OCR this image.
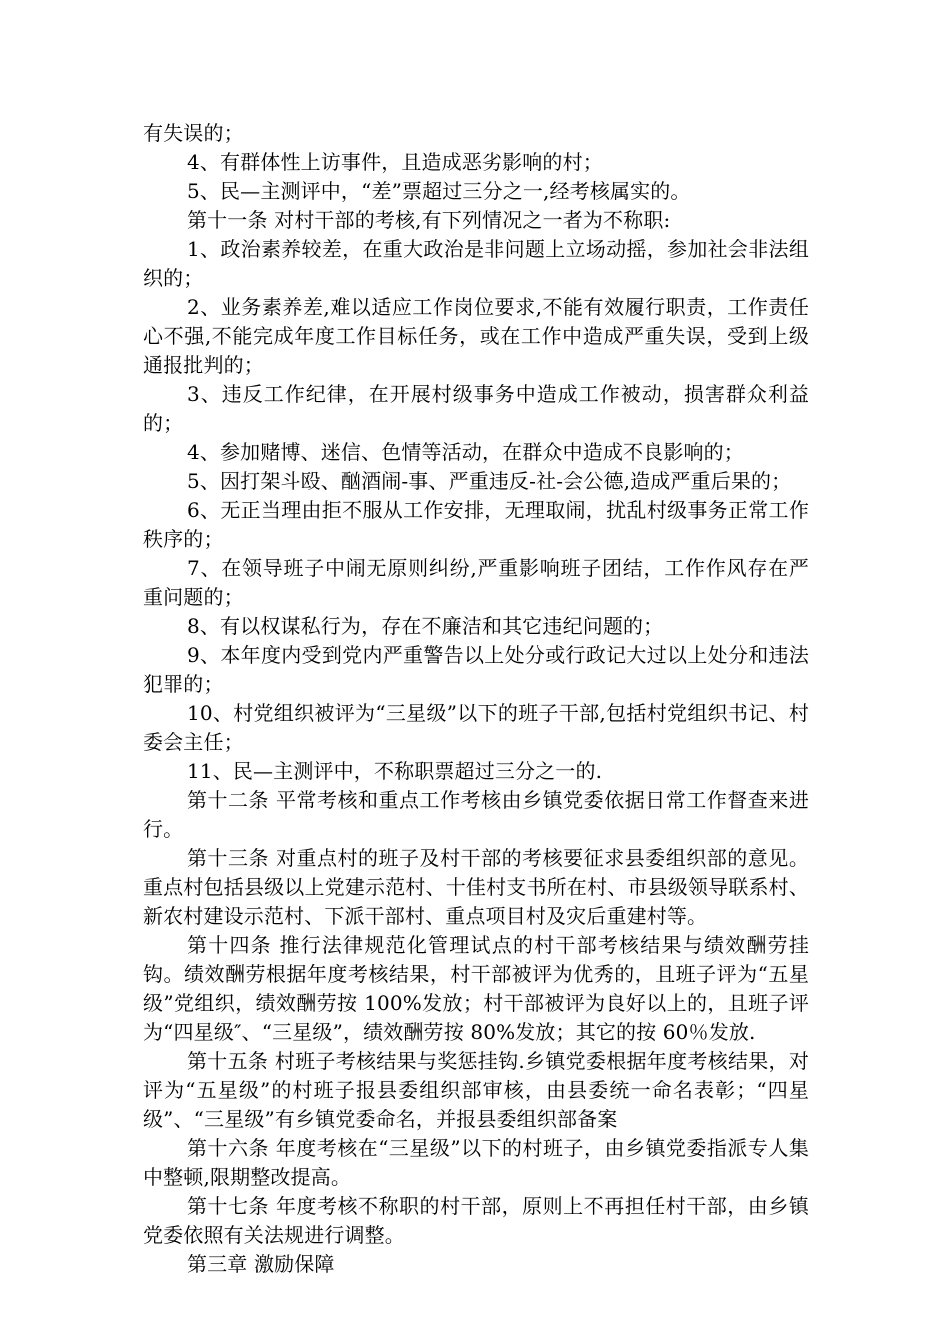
有失误的；

4、有群体性上访事件，且造成恶劣影响的村；

5、民—主测评中，“差”票超过三分之一,经考核属实的。

第十一条 对村干部的考核,有下列情况之一者为不称职:

1、政治素养较差，在重大政治是非问题上立场动摇，参加社会非法组织的；

2、业务素养差,难以适应工作岗位要求,不能有效履行职责，工作责任心不强,不能完成年度工作目标任务，或在工作中造成严重失误，受到上级通报批判的；

3、违反工作纪律，在开展村级事务中造成工作被动，损害群众利益的；

4、参加赌博、迷信、色情等活动，在群众中造成不良影响的；

5、因打架斗殴、酗酒闹-事、严重违反-社-会公德,造成严重后果的；

6、无正当理由拒不服从工作安排，无理取闹，扰乱村级事务正常工作秩序的；

7、在领导班子中闹无原则纠纷,严重影响班子团结，工作作风存在严重问题的；

8、有以权谋私行为，存在不廉洁和其它违纪问题的；

9、本年度内受到党内严重警告以上处分或行政记大过以上处分和违法犯罪的；

10、村党组织被评为“三星级”以下的班子干部,包括村党组织书记、村委会主任；

11、民—主测评中，不称职票超过三分之一的.

第十二条 平常考核和重点工作考核由乡镇党委依据日常工作督查来进行。

第十三条 对重点村的班子及村干部的考核要征求县委组织部的意见。重点村包括县级以上党建示范村、十佳村支书所在村、市县级领导联系村、新农村建设示范村、下派干部村、重点项目村及灾后重建村等。

第十四条 推行法律规范化管理试点的村干部考核结果与绩效酬劳挂钩。绩效酬劳根据年度考核结果，村干部被评为优秀的，且班子评为“五星级”党组织，绩效酬劳按 100%发放；村干部被评为良好以上的，且班子评为“四星级″、“三星级”，绩效酬劳按 80%发放；其它的按 60％发放.

第十五条 村班子考核结果与奖惩挂钩.乡镇党委根据年度考核结果，对评为“五星级”的村班子报县委组织部审核，由县委统一命名表彰；“四星级”、“三星级”有乡镇党委命名，并报县委组织部备案

第十六条 年度考核在“三星级”以下的村班子，由乡镇党委指派专人集中整顿,限期整改提高。

第十七条 年度考核不称职的村干部，原则上不再担任村干部，由乡镇党委依照有关法规进行调整。

第三章 激励保障
